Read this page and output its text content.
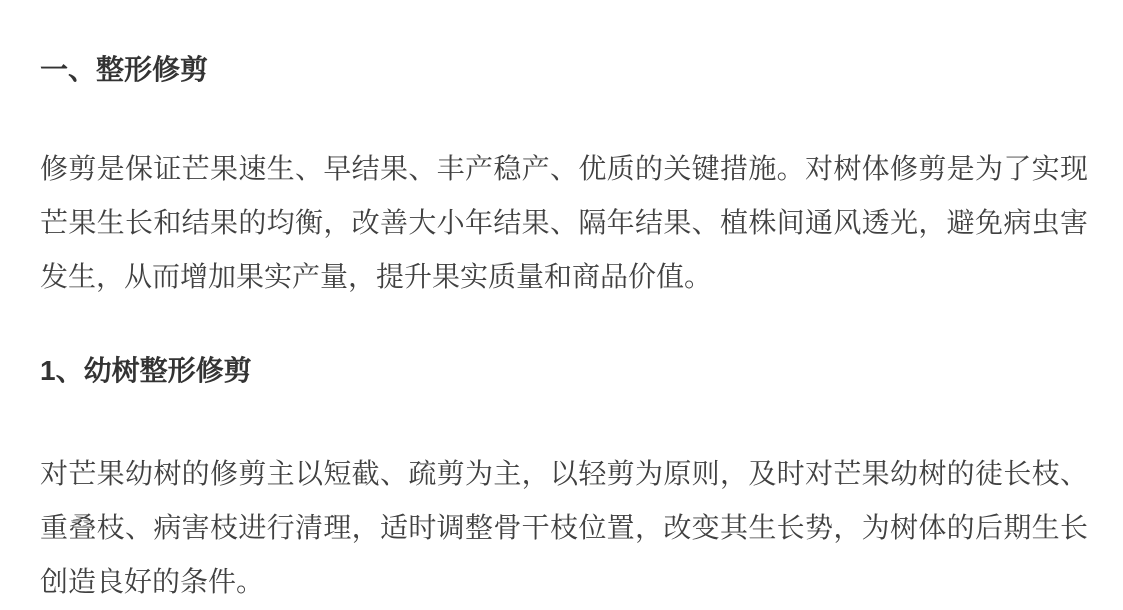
一、整形修剪

修剪是保证芒果速生、早结果、丰产稳产、优质的关键措施。对树体修剪是为了实现芒果生长和结果的均衡，改善大小年结果、隔年结果、植株间通风透光，避免病虫害发生，从而增加果实产量，提升果实质量和商品价值。

1、幼树整形修剪

对芒果幼树的修剪主以短截、疏剪为主，以轻剪为原则，及时对芒果幼树的徒长枝、重叠枝、病害枝进行清理，适时调整骨干枝位置，改变其生长势，为树体的后期生长创造良好的条件。
